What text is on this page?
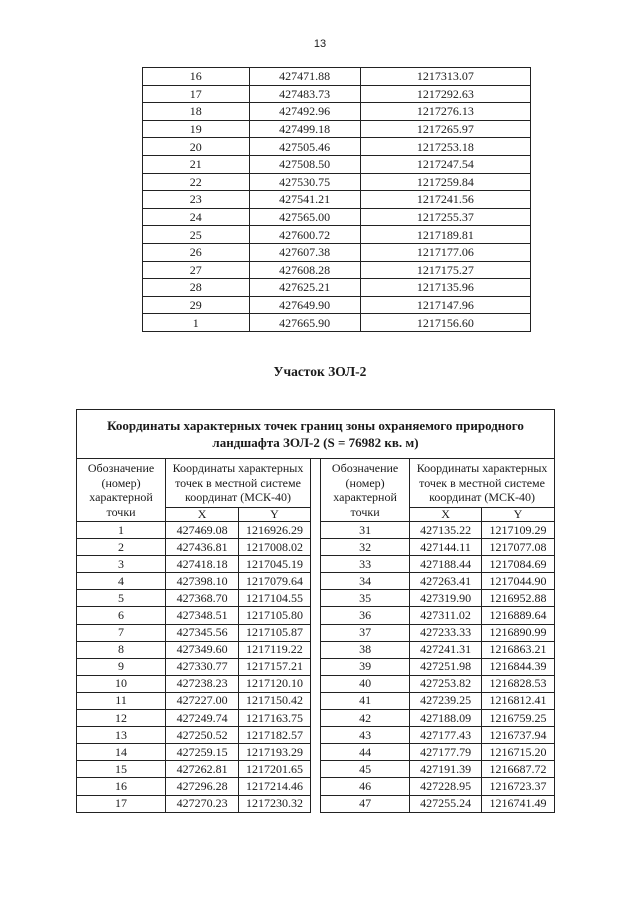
13
16	427471.88	1217313.07
17	427483.73	1217292.63
18	427492.96	1217276.13
19	427499.18	1217265.97
20	427505.46	1217253.18
21	427508.50	1217247.54
22	427530.75	1217259.84
23	427541.21	1217241.56
24	427565.00	1217255.37
25	427600.72	1217189.81
26	427607.38	1217177.06
27	427608.28	1217175.27
28	427625.21	1217135.96
29	427649.90	1217147.96
1	427665.90	1217156.60
Участок ЗОЛ-2
Координаты характерных точек границ зоны охраняемого природного ландшафта ЗОЛ-2 (S = 76982 кв. м)						
Обозначение (номер) характерной точки	Координаты характерных точек в местной системе координат (МСК-40)			Обозначение (номер) характерной точки	Координаты характерных точек в местной системе координат (МСК-40)	
	X	Y			X	Y
1	427469.08	1216926.29		31	427135.22	1217109.29
2	427436.81	1217008.02		32	427144.11	1217077.08
3	427418.18	1217045.19		33	427188.44	1217084.69
4	427398.10	1217079.64		34	427263.41	1217044.90
5	427368.70	1217104.55		35	427319.90	1216952.88
6	427348.51	1217105.80		36	427311.02	1216889.64
7	427345.56	1217105.87		37	427233.33	1216890.99
8	427349.60	1217119.22		38	427241.31	1216863.21
9	427330.77	1217157.21		39	427251.98	1216844.39
10	427238.23	1217120.10		40	427253.82	1216828.53
11	427227.00	1217150.42		41	427239.25	1216812.41
12	427249.74	1217163.75		42	427188.09	1216759.25
13	427250.52	1217182.57		43	427177.43	1216737.94
14	427259.15	1217193.29		44	427177.79	1216715.20
15	427262.81	1217201.65		45	427191.39	1216687.72
16	427296.28	1217214.46		46	427228.95	1216723.37
17	427270.23	1217230.32		47	427255.24	1216741.49
